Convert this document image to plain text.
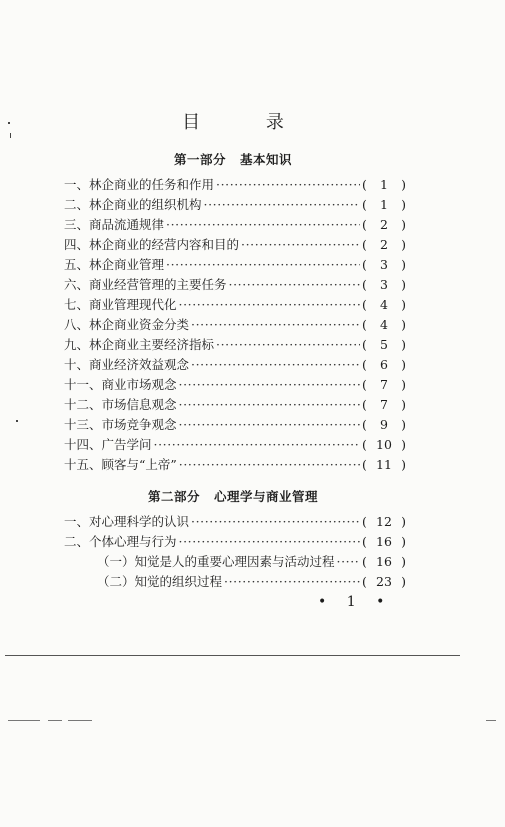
目 录
第一部分 基本知识
一、林企商业的任务和作用 ·····	(	1	)
二、林企商业的组织机构 ·····	(	1	)
三、商品流通规律 ·····	(	2	)
四、林企商业的经营内容和目的 ·····	(	2	)
五、林企商业管理 ·····	(	3	)
六、商业经营管理的主要任务 ·····	(	3	)
七、商业管理现代化 ·····	(	4	)
八、林企商业资金分类 ·····	(	4	)
九、林企商业主要经济指标 ·····	(	5	)
十、商业经济效益观念 ·····	(	6	)
十一、商业市场观念 ·····	(	7	)
十二、市场信息观念 ·····	(	7	)
十三、市场竞争观念 ·····	(	9	)
十四、广告学问 ·····	( 10 )
十五、顾客与“上帝” ·····	( 11 )
第二部分 心理学与商业管理
一、对心理科学的认识 ·····	( 12 )
二、个体心理与行为 ·····	( 16 )
（一）知觉是人的重要心理因素与活动过程 ····· ( 16 )
（二）知觉的组织过程 ·····	( 23 )
• 1 •
